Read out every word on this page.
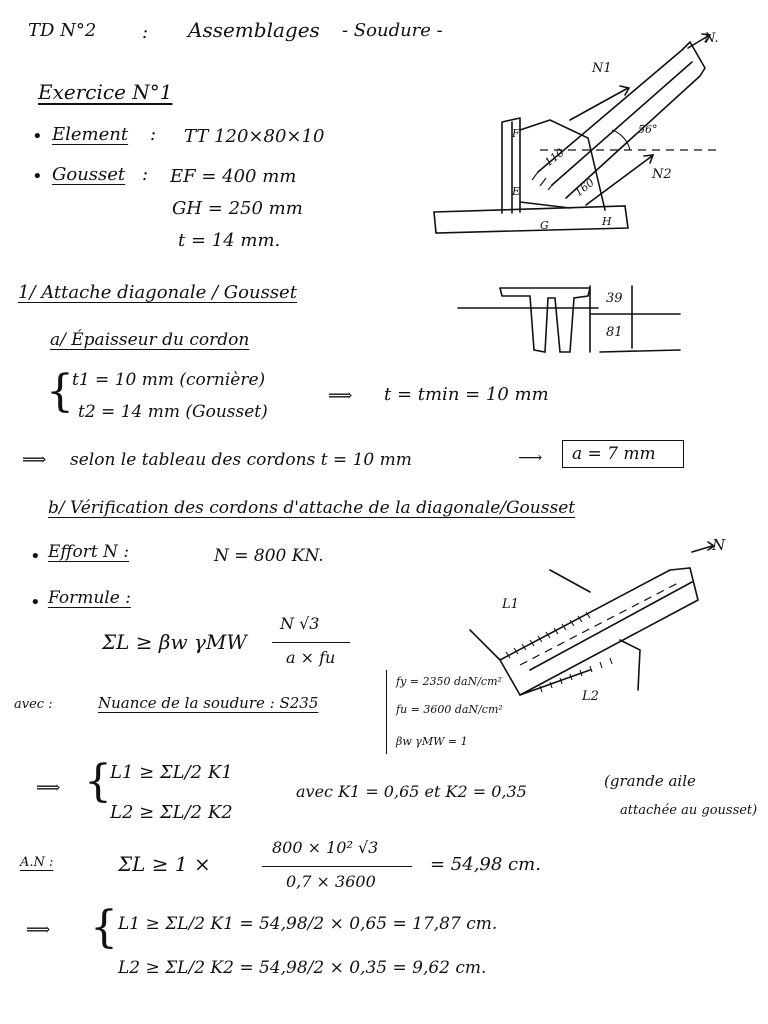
TD N°2	: Assemblages - Soudure -
Exercice N°1
• Element : TT 120×80×10
• Gousset : EF = 400 mm
GH = 250 mm
t = 14 mm.
N.
N1
N2
56°
110
160
E
F
G	H
1/ Attache diagonale / Gousset
a/ Épaisseur du cordon
39
81
{
t1 = 10 mm (cornière)
t2 = 14 mm (Gousset)
⟹ t = tmin = 10 mm
⟹ selon le tableau des cordons t = 10 mm	⟶ a = 7 mm
b/ Vérification des cordons d'attache de la diagonale/Gousset
• Effort N :	N = 800 KN.
• Formule :
ΣL ≥ βw γMW
N √3
a × fu
N
L1
L2
avec :	Nuance de la soudure : S235
fy = 2350 daN/cm²
fu = 3600 daN/cm²
βw γMW = 1
⟹ {
L1 ≥ ΣL/2 K1
L2 ≥ ΣL/2 K2
avec K1 = 0,65 et K2 = 0,35
(grande aile
attachée au gousset)
A.N :	ΣL ≥ 1 ×
800 × 10² √3
0,7 × 3600
= 54,98 cm.
⟹ { L1 ≥ ΣL/2 K1 = 54,98/2 × 0,65 = 17,87 cm.
L2 ≥ ΣL/2 K2 = 54,98/2 × 0,35 = 9,62 cm.
